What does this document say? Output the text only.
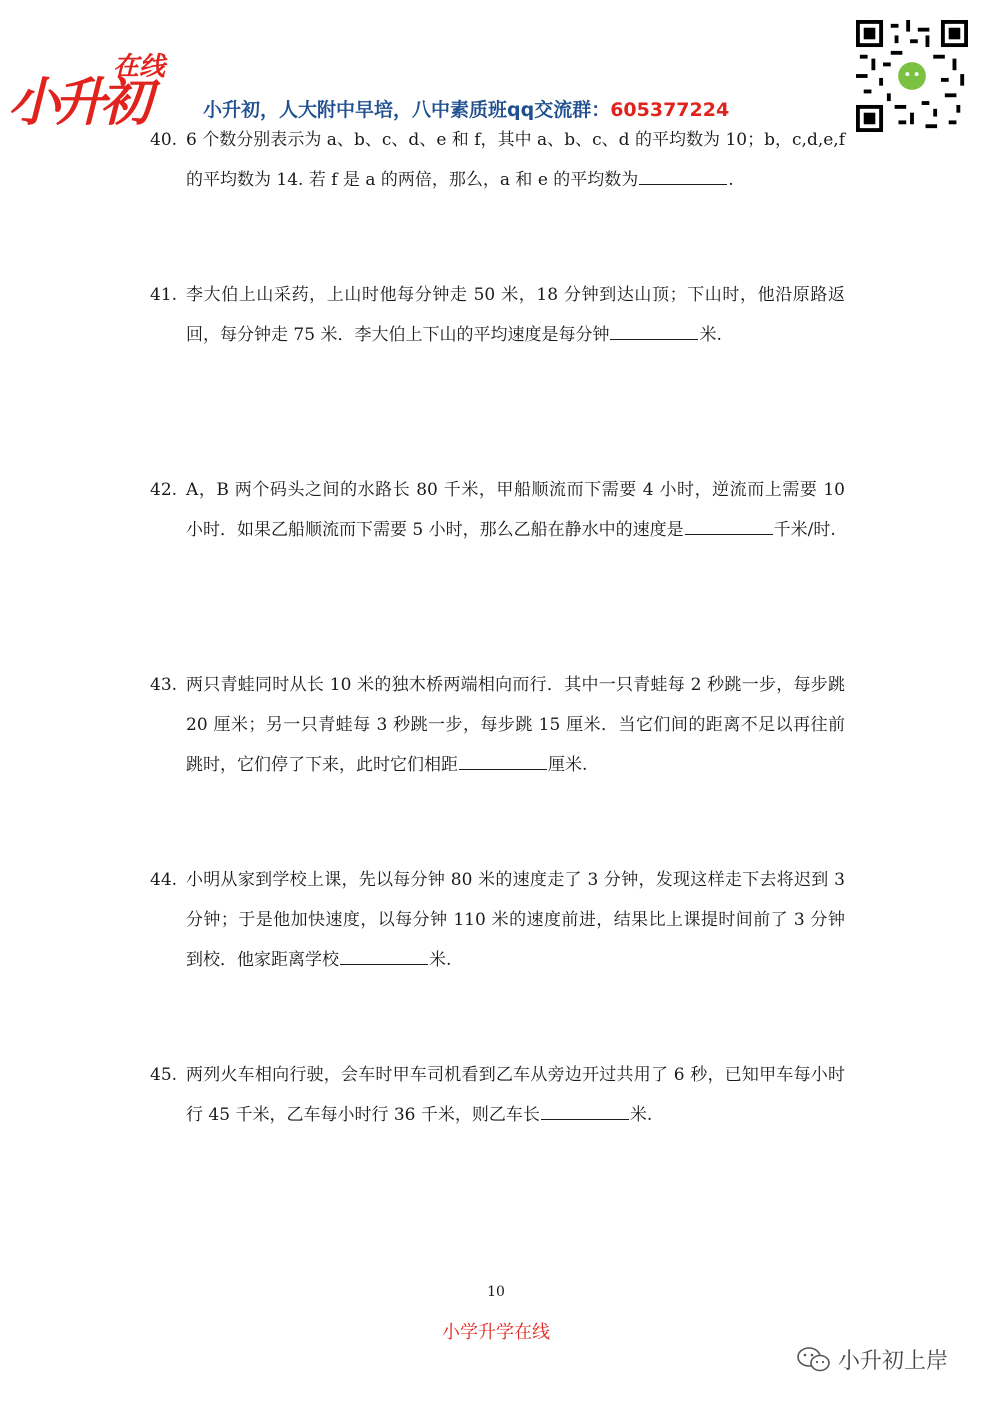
在线
小升初	小升初，人大附中早培，八中素质班qq交流群：605377224
40. 6 个数分别表示为 a、b、c、d、e 和 f，其中 a、b、c、d 的平均数为 10；b，c,d,e,f 的平均数为 14. 若 f 是 a 的两倍，那么，a 和 e 的平均数为	.
41. 李大伯上山采药，上山时他每分钟走 50 米，18 分钟到达山顶；下山时，他沿原路返回，每分钟走 75 米．李大伯上下山的平均速度是每分钟	米.
42. A，B 两个码头之间的水路长 80 千米，甲船顺流而下需要 4 小时，逆流而上需要 10 小时．如果乙船顺流而下需要 5 小时，那么乙船在静水中的速度是	千米/时.
43. 两只青蛙同时从长 10 米的独木桥两端相向而行．其中一只青蛙每 2 秒跳一步，每步跳 20 厘米；另一只青蛙每 3 秒跳一步，每步跳 15 厘米．当它们间的距离不足以再往前跳时，它们停了下来，此时它们相距	厘米.
44. 小明从家到学校上课，先以每分钟 80 米的速度走了 3 分钟，发现这样走下去将迟到 3 分钟；于是他加快速度，以每分钟 110 米的速度前进，结果比上课提时间前了 3 分钟到校．他家距离学校	米.
45. 两列火车相向行驶，会车时甲车司机看到乙车从旁边开过共用了 6 秒，已知甲车每小时行 45 千米，乙车每小时行 36 千米，则乙车长	米.
10
小学升学在线
小升初上岸
